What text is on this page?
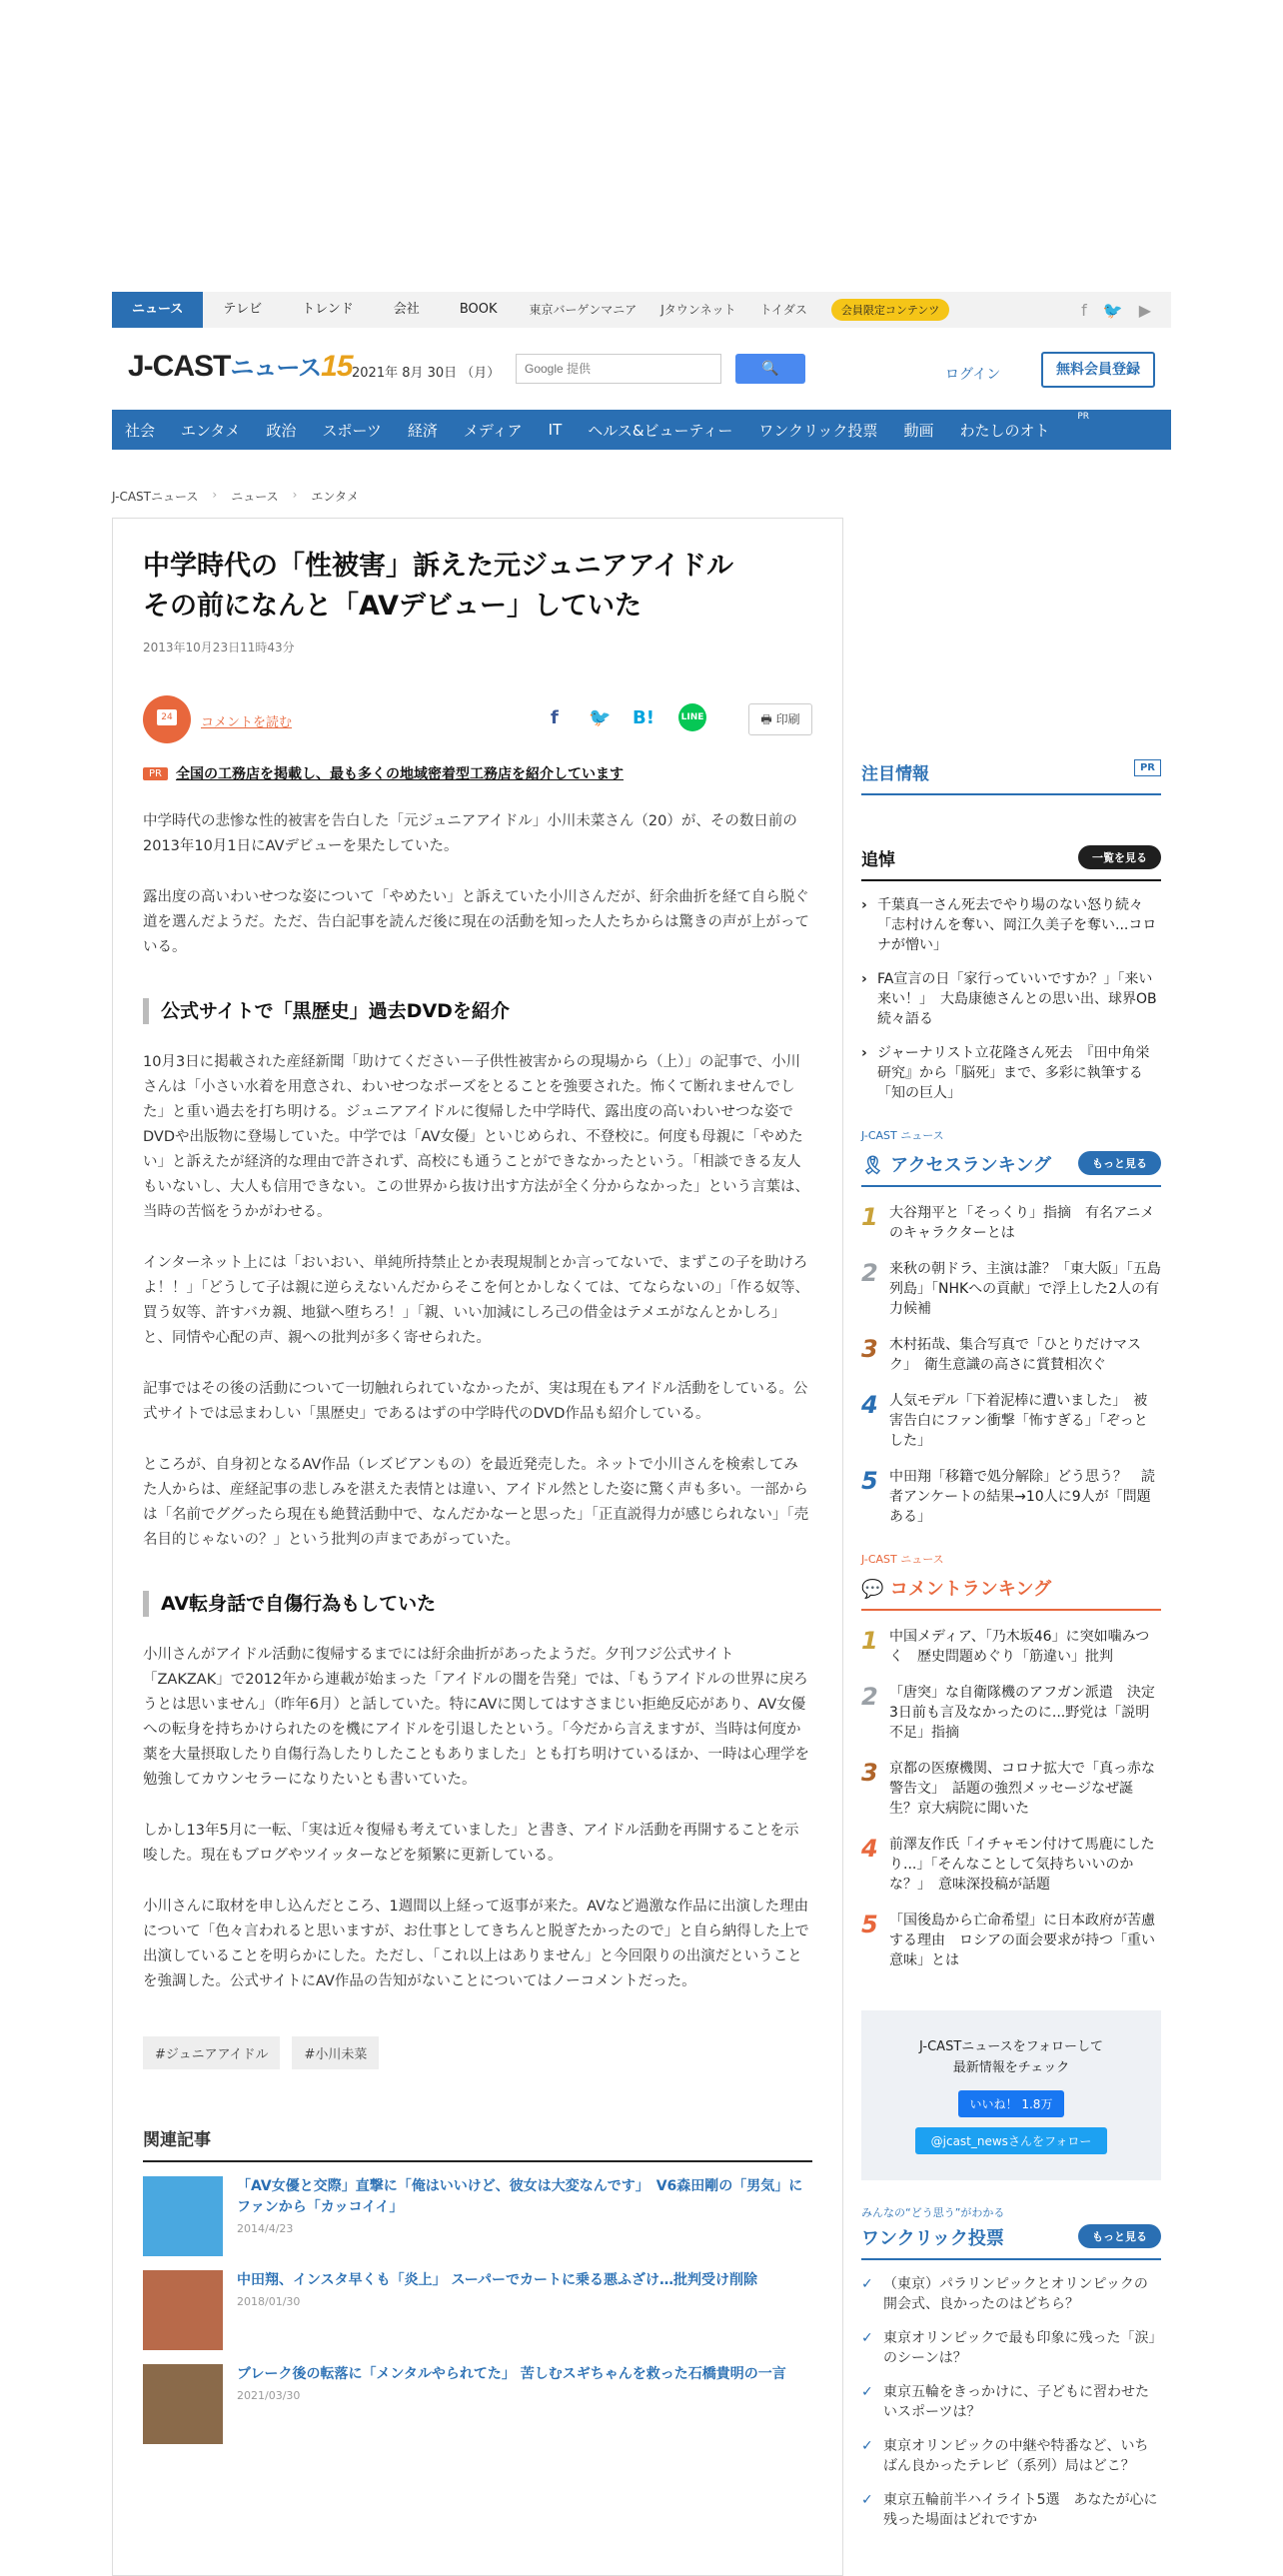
ニュース	テレビ	トレンド	会社	BOOK	東京バーゲンマニア	Jタウンネット	トイダス	会員限定コンテンツ	f 🐦 ▶
J-CASTニュース15 2021年 8月 30日 （月）
Google 提供	🔍	ログイン	無料会員登録
社会	エンタメ	政治	スポーツ	経済	メディア	IT	ヘルス&ビューティー	ワンクリック投票	動画	わたしのオト
PR
J-CASTニュース › ニュース › エンタメ
中学時代の「性被害」訴えた元ジュニアアイドル
その前になんと「AVデビュー」していた
2013年10月23日11時43分
24	コメントを読む	f 🐦 B!	LINE	🖶 印刷
PR	全国の工務店を掲載し、最も多くの地域密着型工務店を紹介しています

中学時代の悲惨な性的被害を告白した「元ジュニアアイドル」小川未菜さん（20）が、その数日前の2013年10月1日にAVデビューを果たしていた。

露出度の高いわいせつな姿について「やめたい」と訴えていた小川さんだが、紆余曲折を経て自ら脱ぐ道を選んだようだ。ただ、告白記事を読んだ後に現在の活動を知った人たちからは驚きの声が上がっている。

公式サイトで「黒歴史」過去DVDを紹介

10月3日に掲載された産経新聞「助けてください－子供性被害からの現場から（上）」の記事で、小川さんは「小さい水着を用意され、わいせつなポーズをとることを強要された。怖くて断れませんでした」と重い過去を打ち明ける。ジュニアアイドルに復帰した中学時代、露出度の高いわいせつな姿でDVDや出版物に登場していた。中学では「AV女優」といじめられ、不登校に。何度も母親に「やめたい」と訴えたが経済的な理由で許されず、高校にも通うことができなかったという。「相談できる友人もいないし、大人も信用できない。この世界から抜け出す方法が全く分からなかった」という言葉は、当時の苦悩をうかがわせる。

インターネット上には「おいおい、単純所持禁止とか表現規制とか言ってないで、まずこの子を助けろよ！！」「どうして子は親に逆らえないんだからそこを何とかしなくては、てならないの」「作る奴等、買う奴等、許すバカ親、地獄へ堕ちろ！」「親、いい加減にしろ己の借金はテメエがなんとかしろ」と、同情や心配の声、親への批判が多く寄せられた。

記事ではその後の活動について一切触れられていなかったが、実は現在もアイドル活動をしている。公式サイトでは忌まわしい「黒歴史」であるはずの中学時代のDVD作品も紹介している。

ところが、自身初となるAV作品（レズビアンもの）を最近発売した。ネットで小川さんを検索してみた人からは、産経記事の悲しみを湛えた表情とは違い、アイドル然とした姿に驚く声も多い。一部からは「名前でググったら現在も絶賛活動中で、なんだかなーと思った」「正直説得力が感じられない」「売名目的じゃないの？」という批判の声まであがっていた。

AV転身話で自傷行為もしていた

小川さんがアイドル活動に復帰するまでには紆余曲折があったようだ。夕刊フジ公式サイト「ZAKZAK」で2012年から連載が始まった「アイドルの闇を告発」では、「もうアイドルの世界に戻ろうとは思いません」（昨年6月）と話していた。特にAVに関してはすさまじい拒絶反応があり、AV女優への転身を持ちかけられたのを機にアイドルを引退したという。「今だから言えますが、当時は何度か薬を大量摂取したり自傷行為したりしたこともありました」とも打ち明けているほか、一時は心理学を勉強してカウンセラーになりたいとも書いていた。

しかし13年5月に一転、「実は近々復帰も考えていました」と書き、アイドル活動を再開することを示唆した。現在もブログやツイッターなどを頻繁に更新している。

小川さんに取材を申し込んだところ、1週間以上経って返事が来た。AVなど過激な作品に出演した理由について「色々言われると思いますが、お仕事としてきちんと脱ぎたかったので」と自ら納得した上で出演していることを明らかにした。ただし、「これ以上はありません」と今回限りの出演だということを強調した。公式サイトにAV作品の告知がないことについてはノーコメントだった。

#ジュニアアイドル	#小川未菜
関連記事
「AV女優と交際」直撃に「俺はいいけど、彼女は大変なんです」　V6森田剛の「男気」にファンから「カッコイイ」
2014/4/23
中田翔、インスタ早くも「炎上」 スーパーでカートに乗る悪ふざけ…批判受け削除
2018/01/30
ブレーク後の転落に「メンタルやられてた」 苦しむスギちゃんを救った石橋貴明の一言
2021/03/30
注目情報	PR
追悼	一覧を見る
› 千葉真一さん死去でやり場のない怒り続々 「志村けんを奪い、岡江久美子を奪い...コロナが憎い」
› FA宣言の日「家行っていいですか？」「来い来い！」　大島康徳さんとの思い出、球界OB続々語る
› ジャーナリスト立花隆さん死去　『田中角栄研究』から「脳死」まで、多彩に執筆する「知の巨人」
J-CAST ニュース
🎗 アクセスランキング	もっと見る
1 大谷翔平と「そっくり」指摘　有名アニメのキャラクターとは
2 来秋の朝ドラ、主演は誰？「東大阪」「五島列島」「NHKへの貢献」で浮上した2人の有力候補
3 木村拓哉、集合写真で「ひとりだけマスク」　衛生意識の高さに賞賛相次ぐ
4 人気モデル「下着泥棒に遭いました」　被害告白にファン衝撃「怖すぎる」「ぞっとした」
5 中田翔「移籍で処分解除」どう思う？　読者アンケートの結果→10人に9人が「問題ある」
J-CAST ニュース
💬 コメントランキング
1 中国メディア、「乃木坂46」に突如噛みつく　歴史問題めぐり「筋違い」批判
2 「唐突」な自衛隊機のアフガン派遣　決定3日前も言及なかったのに...野党は「説明不足」指摘
3 京都の医療機関、コロナ拡大で「真っ赤な警告文」　話題の強烈メッセージなぜ誕生？京大病院に聞いた
4 前澤友作氏「イチャモン付けて馬鹿にしたり...」「そんなことして気持ちいいのかな？」　意味深投稿が話題
5 「国後島から亡命希望」に日本政府が苦慮する理由　ロシアの面会要求が持つ「重い意味」とは
J-CASTニュースをフォローして
最新情報をチェック
いいね！ 1.8万
@jcast_newsさんをフォロー
みんなの“どう思う”がわかる
ワンクリック投票	もっと見る
✓ （東京）パラリンピックとオリンピックの開会式、良かったのはどちら？
✓ 東京オリンピックで最も印象に残った「涙」のシーンは？
✓ 東京五輪をきっかけに、子どもに習わせたいスポーツは？
✓ 東京オリンピックの中継や特番など、いちばん良かったテレビ（系列）局はどこ？
✓ 東京五輪前半ハイライト5選　あなたが心に残った場面はどれですか
